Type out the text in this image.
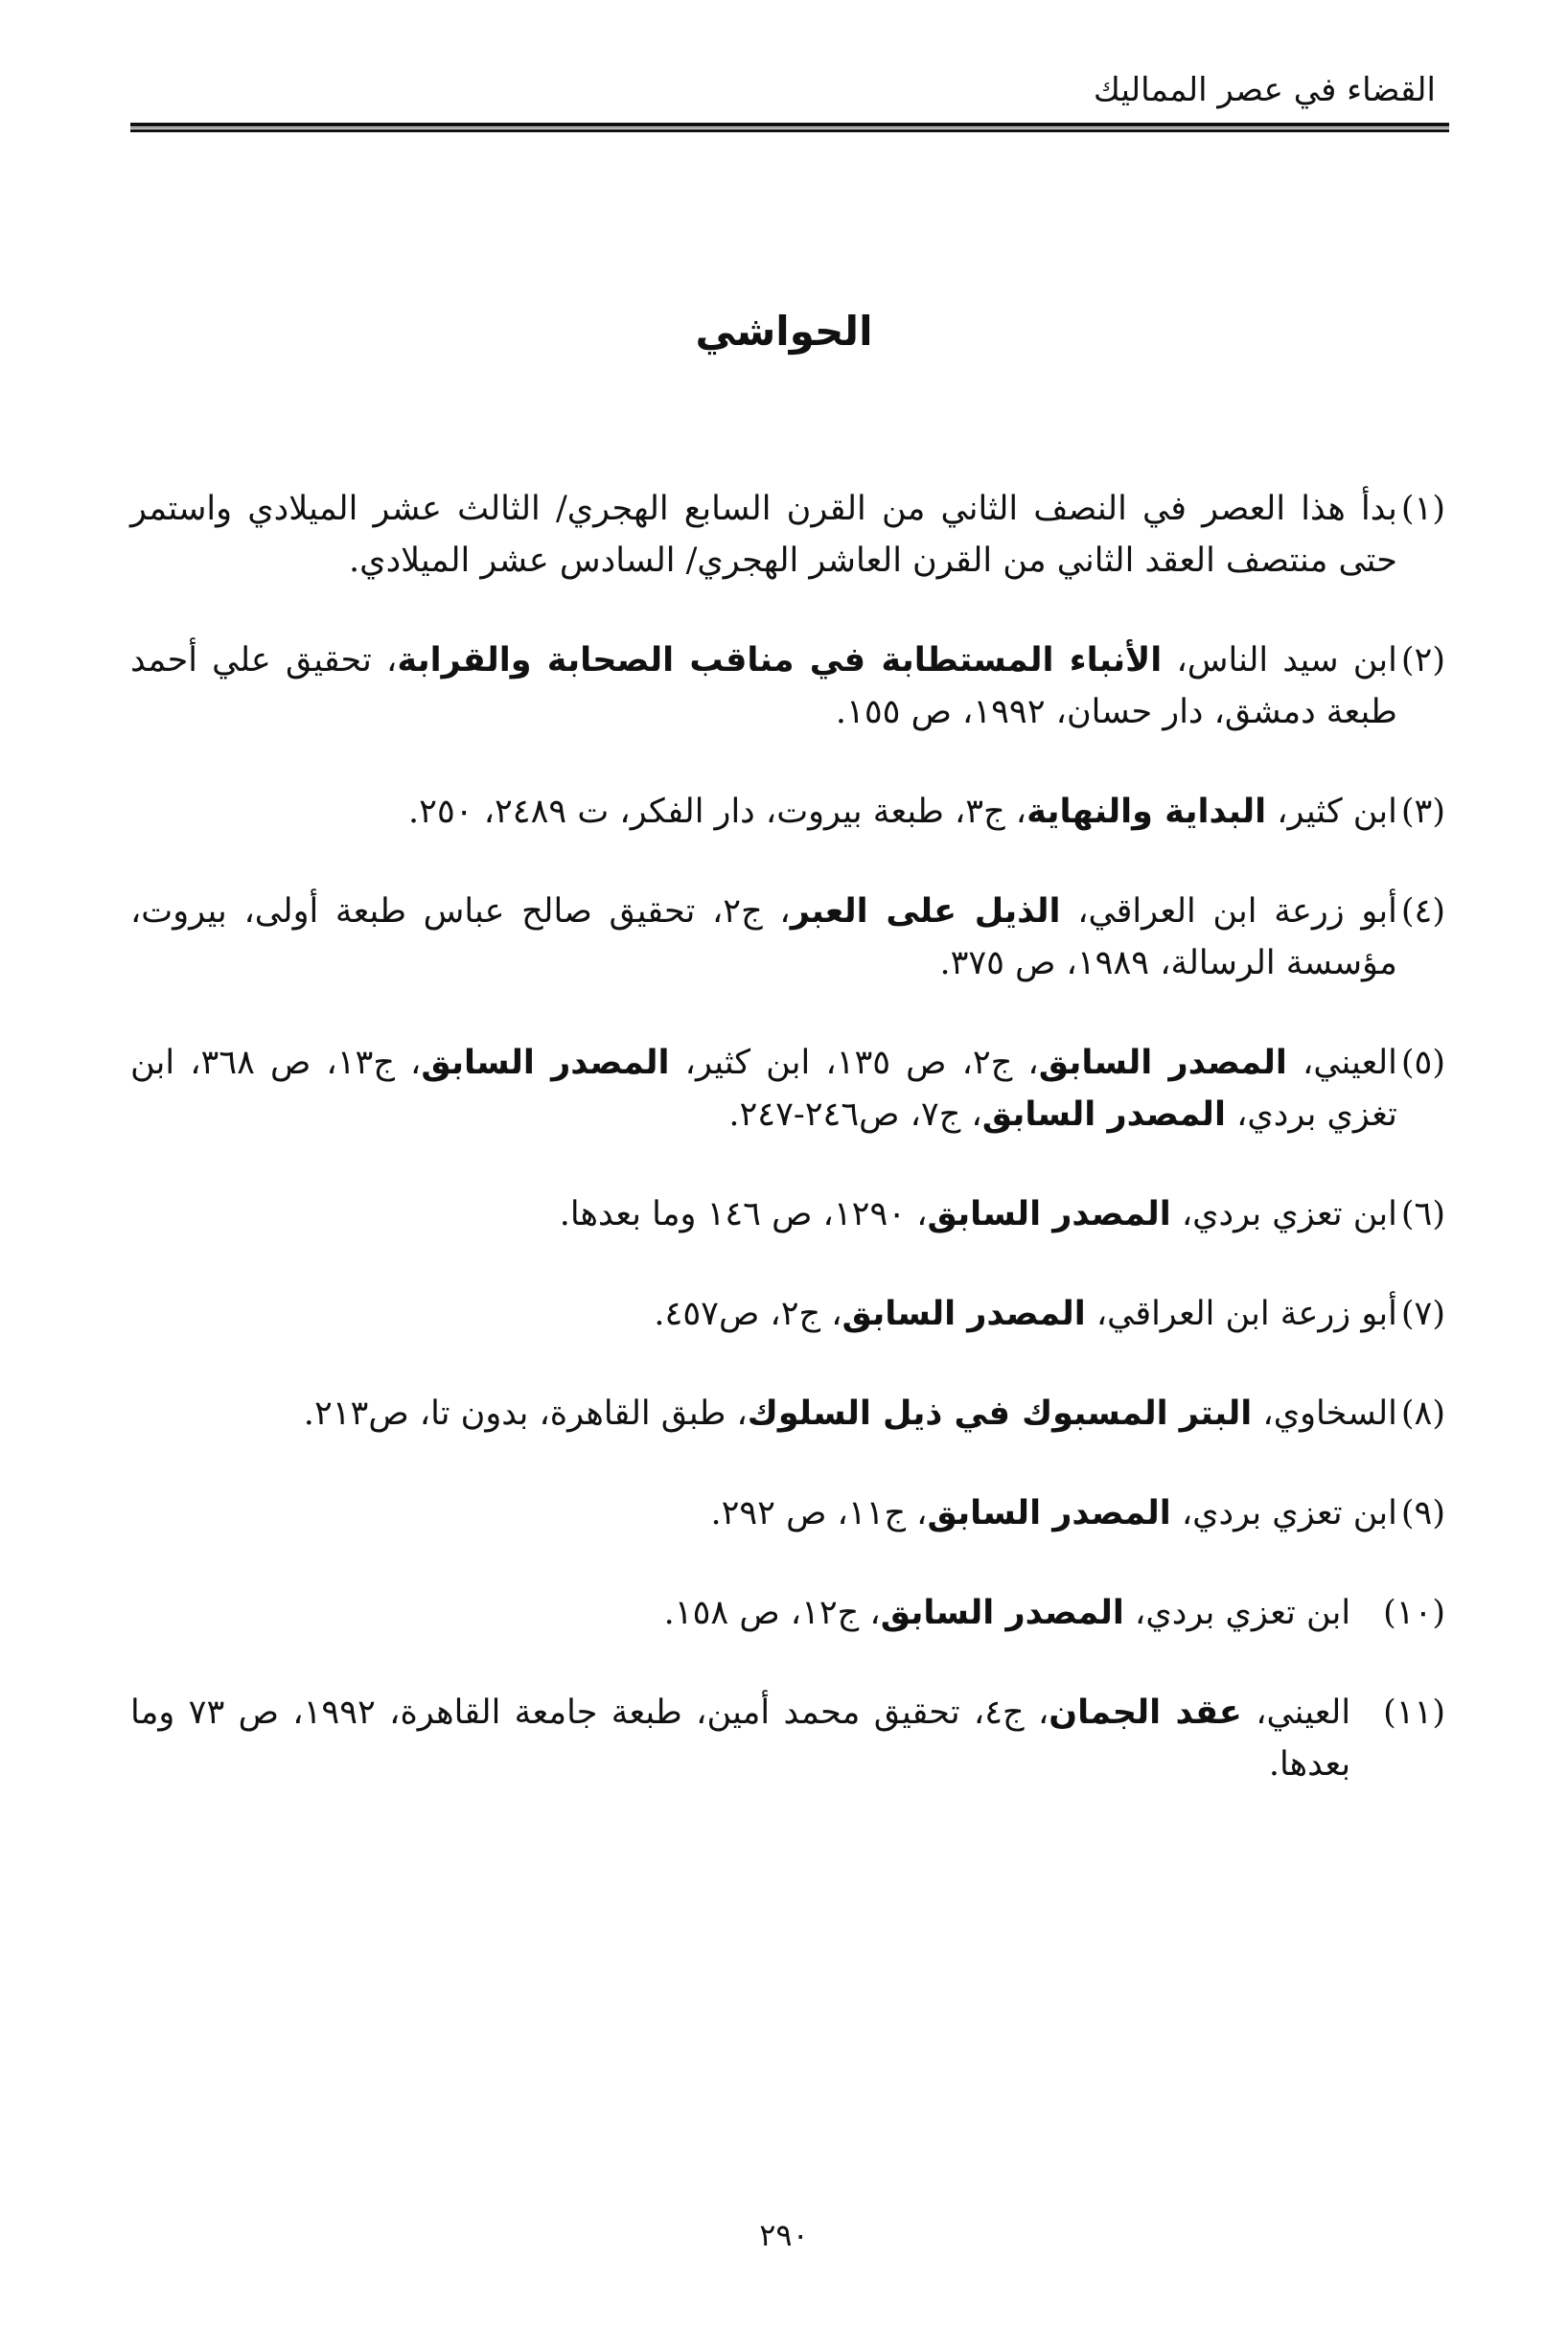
القضاء في عصر المماليك
الحواشي
(١)
بدأ هذا العصر في النصف الثاني من القرن السابع الهجري/ الثالث عشر الميلادي واستمر حتى منتصف العقد الثاني من القرن العاشر الهجري/ السادس عشر الميلادي.
(٢)
ابن سيد الناس، الأنباء المستطابة في مناقب الصحابة والقرابة، تحقيق علي أحمد طبعة دمشق، دار حسان، ١٩٩٢، ص ١٥٥.
(٣)
ابن كثير، البداية والنهاية، ج٣، طبعة بيروت، دار الفكر، ت ٢٤٨٩، ٢٥٠.
(٤)
أبو زرعة ابن العراقي، الذيل على العبر، ج٢، تحقيق صالح عباس طبعة أولى، بيروت، مؤسسة الرسالة، ١٩٨٩، ص ٣٧٥.
(٥)
العيني، المصدر السابق، ج٢، ص ١٣٥، ابن كثير، المصدر السابق، ج١٣، ص ٣٦٨، ابن تغزي بردي، المصدر السابق، ج٧، ص٢٤٦-٢٤٧.
(٦)
ابن تعزي بردي، المصدر السابق، ١٢٩٠، ص ١٤٦ وما بعدها.
(٧)
أبو زرعة ابن العراقي، المصدر السابق، ج٢، ص٤٥٧.
(٨)
السخاوي، البتر المسبوك في ذيل السلوك، طبق القاهرة، بدون تا، ص٢١٣.
(٩)
ابن تعزي بردي، المصدر السابق، ج١١، ص ٢٩٢.
(١٠)
ابن تعزي بردي، المصدر السابق، ج١٢، ص ١٥٨.
(١١)
العيني، عقد الجمان، ج٤، تحقيق محمد أمين، طبعة جامعة القاهرة، ١٩٩٢، ص ٧٣ وما بعدها.
٢٩٠
